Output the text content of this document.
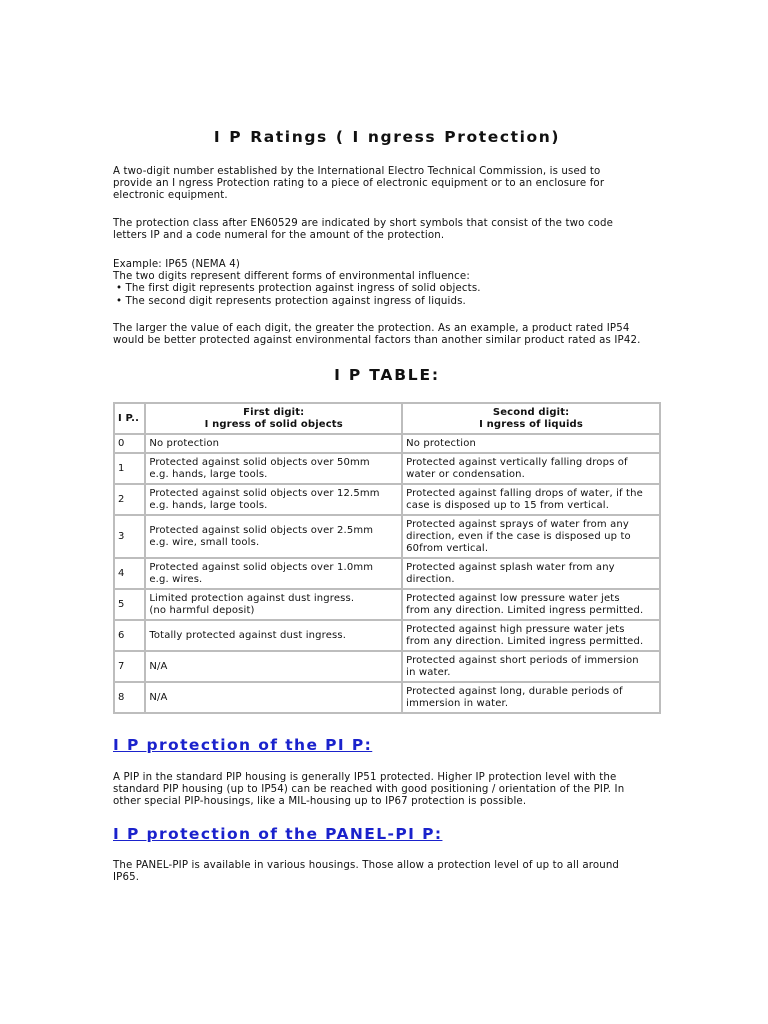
I P Ratings ( I ngress Protection)

A two-digit number established by the International Electro Technical Commission, is used to
provide an I ngress Protection rating to a piece of electronic equipment or to an enclosure for
electronic equipment.

The protection class after EN60529 are indicated by short symbols that consist of the two code
letters IP and a code numeral for the amount of the protection.

Example: IP65 (NEMA 4)
The two digits represent different forms of environmental influence:
• The first digit represents protection against ingress of solid objects.
• The second digit represents protection against ingress of liquids.

The larger the value of each digit, the greater the protection. As an example, a product rated IP54
would be better protected against environmental factors than another similar product rated as IP42.

I P TABLE:
I P..	First digit:
I ngress of solid objects	Second digit:
I ngress of liquids

0	No protection	No protection

1	Protected against solid objects over 50mm
e.g. hands, large tools.	Protected against vertically falling drops of
water or condensation.

2	Protected against solid objects over 12.5mm
e.g. hands, large tools.	Protected against falling drops of water, if the
case is disposed up to 15 from vertical.

3	Protected against solid objects over 2.5mm
e.g. wire, small tools.	Protected against sprays of water from any
direction, even if the case is disposed up to
60from vertical.

4	Protected against solid objects over 1.0mm
e.g. wires.	Protected against splash water from any
direction.

5	Limited protection against dust ingress.
(no harmful deposit)	Protected against low pressure water jets
from any direction. Limited ingress permitted.

6	Totally protected against dust ingress.	Protected against high pressure water jets
from any direction. Limited ingress permitted.

7	N/A	Protected against short periods of immersion
in water.

8	N/A	Protected against long, durable periods of
immersion in water.
I P protection of the PI P:

A PIP in the standard PIP housing is generally IP51 protected. Higher IP protection level with the
standard PIP housing (up to IP54) can be reached with good positioning / orientation of the PIP. In
other special PIP-housings, like a MIL-housing up to IP67 protection is possible.

I P protection of the PANEL-PI P:

The PANEL-PIP is available in various housings. Those allow a protection level of up to all around
IP65.
